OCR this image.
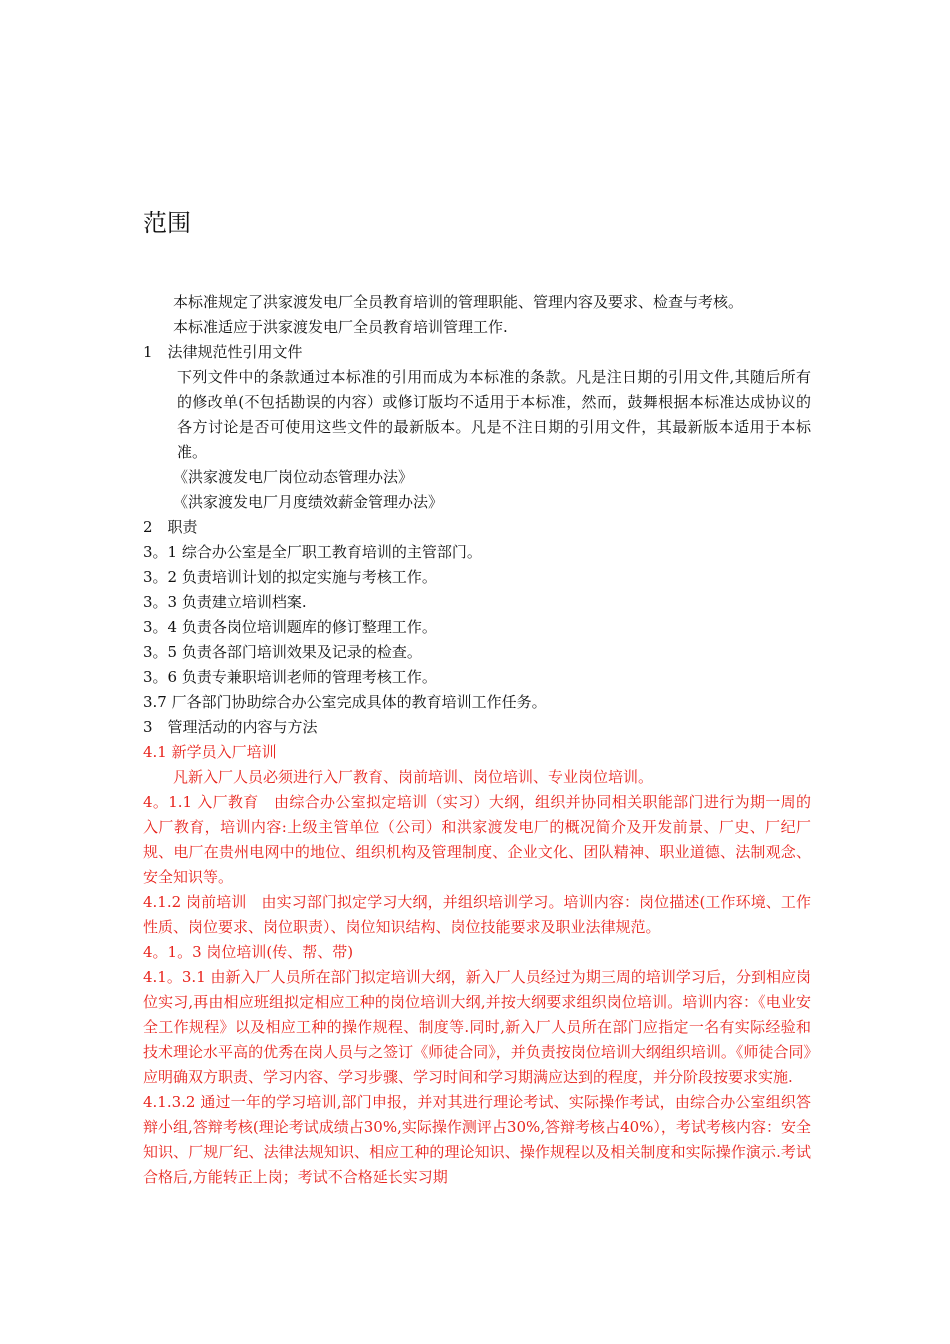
范围

本标准规定了洪家渡发电厂全员教育培训的管理职能、管理内容及要求、检查与考核。

本标准适应于洪家渡发电厂全员教育培训管理工作.

1　法律规范性引用文件

下列文件中的条款通过本标准的引用而成为本标准的条款。凡是注日期的引用文件,其随后所有的修改单(不包括勘误的内容）或修订版均不适用于本标准，然而，鼓舞根据本标准达成协议的各方讨论是否可使用这些文件的最新版本。凡是不注日期的引用文件，其最新版本适用于本标准。

《洪家渡发电厂岗位动态管理办法》

《洪家渡发电厂月度绩效薪金管理办法》

2　职责

3。1 综合办公室是全厂职工教育培训的主管部门。

3。2 负责培训计划的拟定实施与考核工作。

3。3 负责建立培训档案.

3。4 负责各岗位培训题库的修订整理工作。

3。5 负责各部门培训效果及记录的检查。

3。6 负责专兼职培训老师的管理考核工作。

3.7 厂各部门协助综合办公室完成具体的教育培训工作任务。

3　管理活动的内容与方法

4.1 新学员入厂培训

凡新入厂人员必须进行入厂教育、岗前培训、岗位培训、专业岗位培训。

4。1.1 入厂教育　由综合办公室拟定培训（实习）大纲，组织并协同相关职能部门进行为期一周的入厂教育，培训内容:上级主管单位（公司）和洪家渡发电厂的概况简介及开发前景、厂史、厂纪厂规、电厂在贵州电网中的地位、组织机构及管理制度、企业文化、团队精神、职业道德、法制观念、安全知识等。

4.1.2 岗前培训　由实习部门拟定学习大纲，并组织培训学习。培训内容：岗位描述(工作环境、工作性质、岗位要求、岗位职责）、岗位知识结构、岗位技能要求及职业法律规范。

4。1。3 岗位培训(传、帮、带)

4.1。3.1 由新入厂人员所在部门拟定培训大纲，新入厂人员经过为期三周的培训学习后，分到相应岗位实习,再由相应班组拟定相应工种的岗位培训大纲,并按大纲要求组织岗位培训。培训内容：《电业安全工作规程》以及相应工种的操作规程、制度等.同时,新入厂人员所在部门应指定一名有实际经验和技术理论水平高的优秀在岗人员与之签订《师徒合同》，并负责按岗位培训大纲组织培训。《师徒合同》应明确双方职责、学习内容、学习步骤、学习时间和学习期满应达到的程度，并分阶段按要求实施.

4.1.3.2 通过一年的学习培训,部门申报，并对其进行理论考试、实际操作考试，由综合办公室组织答辩小组,答辩考核(理论考试成绩占30%,实际操作测评占30%,答辩考核占40%），考试考核内容：安全知识、厂规厂纪、法律法规知识、相应工种的理论知识、操作规程以及相关制度和实际操作演示.考试合格后,方能转正上岗；考试不合格延长实习期
